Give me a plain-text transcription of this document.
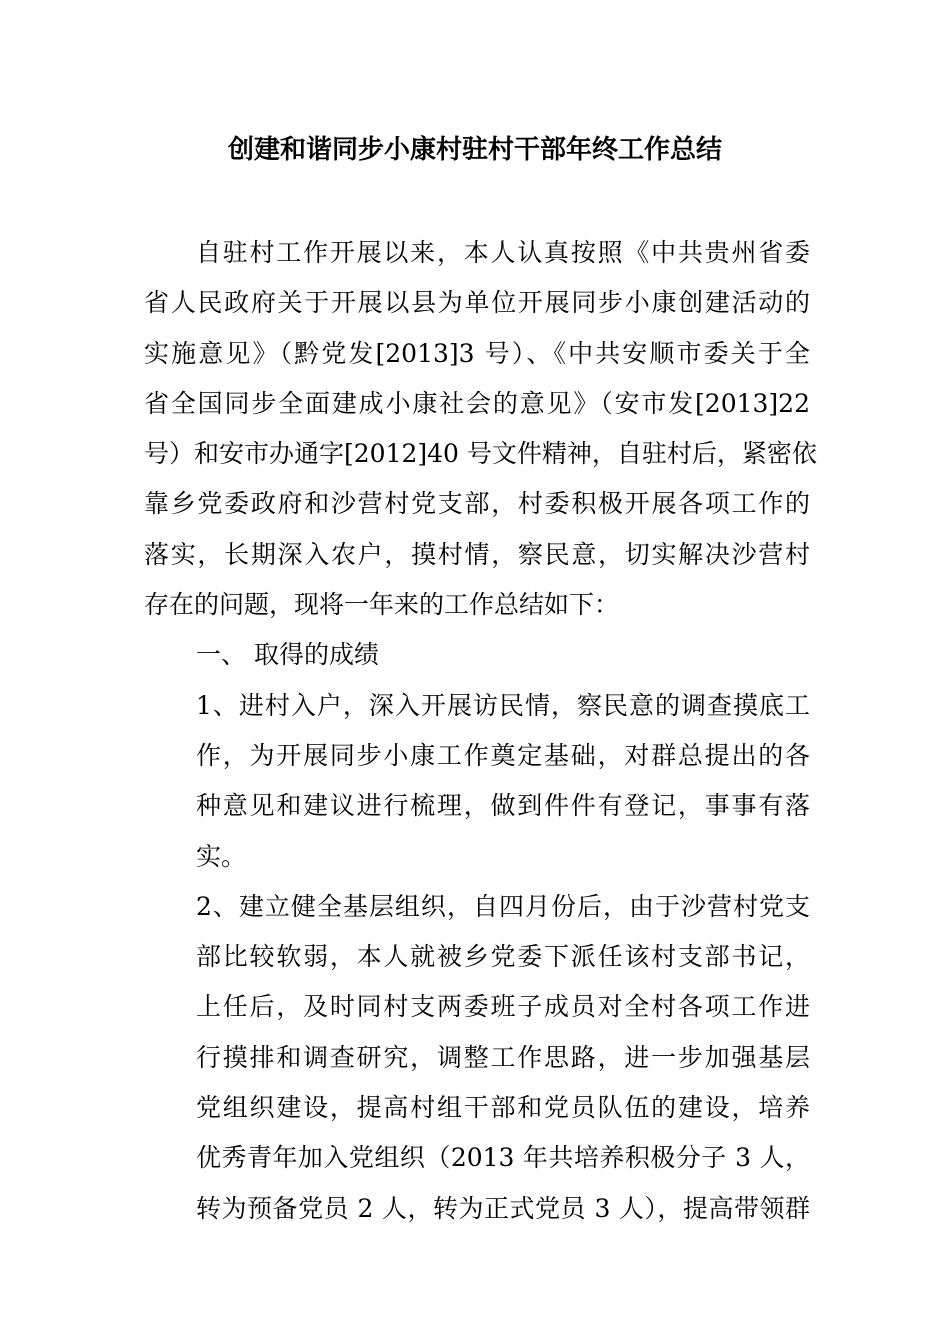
创建和谐同步小康村驻村干部年终工作总结
自驻村工作开展以来，本人认真按照《中共贵州省委
省人民政府关于开展以县为单位开展同步小康创建活动的
实施意见》（黔党发[2013]3 号）、《中共安顺市委关于全
省全国同步全面建成小康社会的意见》（安市发[2013]22
号）和安市办通字[2012]40 号文件精神，自驻村后，紧密依
靠乡党委政府和沙营村党支部，村委积极开展各项工作的
落实，长期深入农户，摸村情，察民意，切实解决沙营村
存在的问题，现将一年来的工作总结如下：
一、 取得的成绩
1、进村入户，深入开展访民情，察民意的调查摸底工
作，为开展同步小康工作奠定基础，对群总提出的各
种意见和建议进行梳理，做到件件有登记，事事有落
实。
2、建立健全基层组织，自四月份后，由于沙营村党支
部比较软弱，本人就被乡党委下派任该村支部书记，
上任后，及时同村支两委班子成员对全村各项工作进
行摸排和调查研究，调整工作思路，进一步加强基层
党组织建设，提高村组干部和党员队伍的建设，培养
优秀青年加入党组织（2013 年共培养积极分子 3 人，
转为预备党员 2 人，转为正式党员 3 人），提高带领群
